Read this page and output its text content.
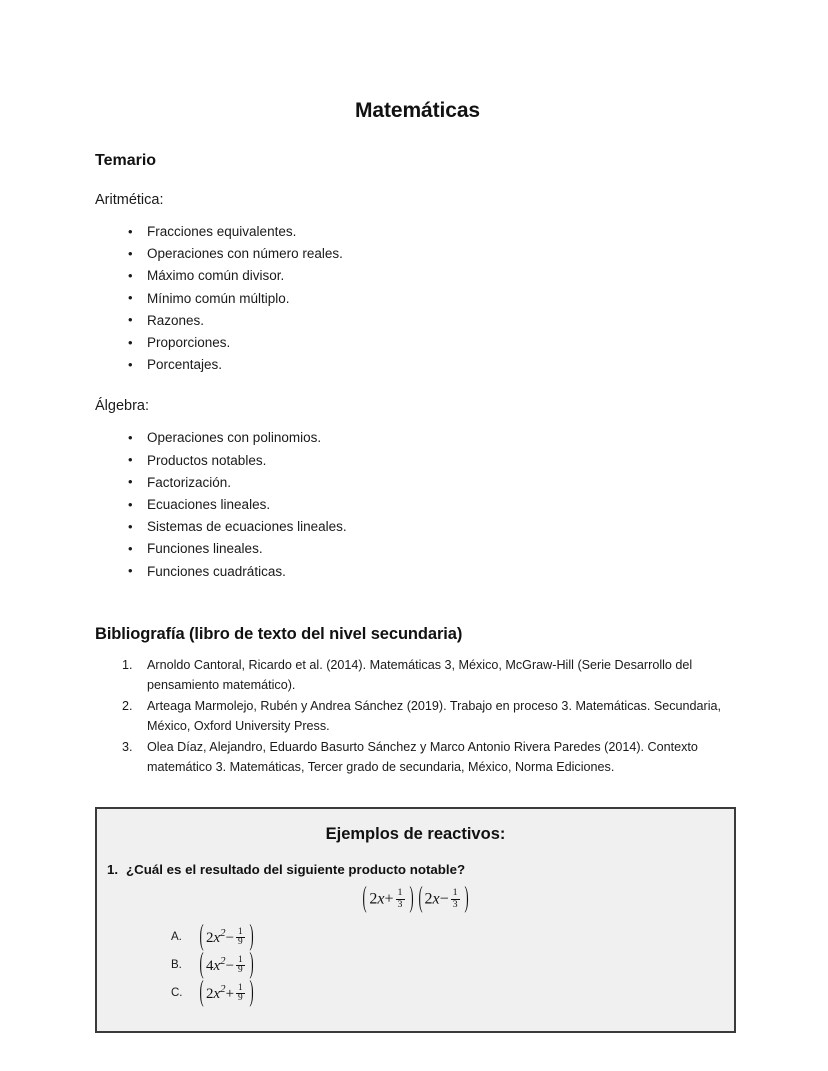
Matemáticas
Temario

Aritmética:

• Fracciones equivalentes.
• Operaciones con número reales.
• Máximo común divisor.
• Mínimo común múltiplo.
• Razones.
• Proporciones.
• Porcentajes.

Álgebra:

• Operaciones con polinomios.
• Productos notables.
• Factorización.
• Ecuaciones lineales.
• Sistemas de ecuaciones lineales.
• Funciones lineales.
• Funciones cuadráticas.
Bibliografía (libro de texto del nivel secundaria)
Arnoldo Cantoral, Ricardo et al. (2014). Matemáticas 3, México, McGraw-Hill (Serie Desarrollo del pensamiento matemático).
Arteaga Marmolejo, Rubén y Andrea Sánchez (2019). Trabajo en proceso 3. Matemáticas. Secundaria, México, Oxford University Press.
Olea Díaz, Alejandro, Eduardo Basurto Sánchez y Marco Antonio Rivera Paredes (2014). Contexto matemático 3. Matemáticas, Tercer grado de secundaria, México, Norma Ediciones.
Ejemplos de reactivos:
1. ¿Cuál es el resultado del siguiente producto notable?
( $2x+ \frac{1}{3}$ ) ( $2x- \frac{1}{3}$ )
A. ( $2x^2- \frac{1}{9}$ )
B. ( $4x^2- \frac{1}{9}$ )
C. ( $2x^2+ \frac{1}{9}$ )
